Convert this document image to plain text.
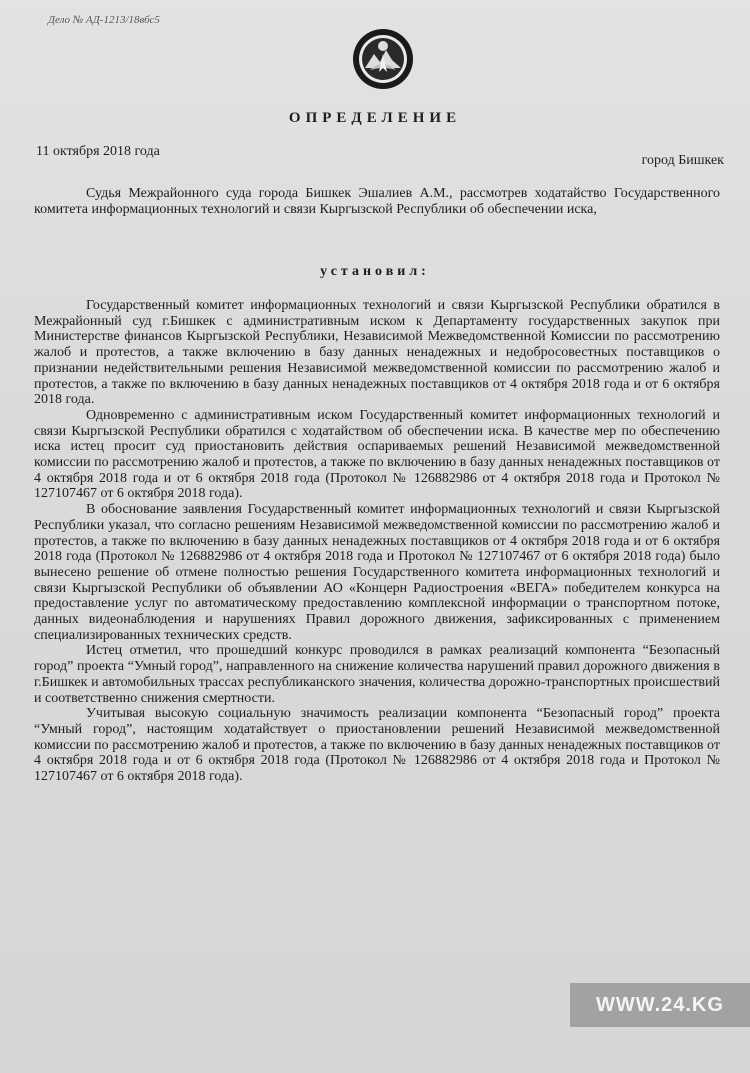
Дело № АД-1213/18вбс5
ОПРЕДЕЛЕНИЕ
11 октября 2018 года
город Бишкек

Судья Межрайонного суда города Бишкек Эшалиев А.М., рассмотрев ходатайство Государственного комитета информационных технологий и связи Кыргызской Республики об обеспечении иска,

установил:

Государственный комитет информационных технологий и связи Кыргызской Республики обратился в Межрайонный суд г.Бишкек с административным иском к Департаменту государственных закупок при Министерстве финансов Кыргызской Республики, Независимой Межведомственной Комиссии по рассмотрению жалоб и протестов, а также включению в базу данных ненадежных и недобросовестных поставщиков о признании недействительными решения Независимой межведомственной комиссии по рассмотрению жалоб и протестов, а также по включению в базу данных ненадежных поставщиков от 4 октября 2018 года и от 6 октября 2018 года.

Одновременно с административным иском Государственный комитет информационных технологий и связи Кыргызской Республики обратился с ходатайством об обеспечении иска. В качестве мер по обеспечению иска истец просит суд приостановить действия оспариваемых решений Независимой межведомственной комиссии по рассмотрению жалоб и протестов, а также по включению в базу данных ненадежных поставщиков от 4 октября 2018 года и от 6 октября 2018 года (Протокол № 126882986 от 4 октября 2018 года и Протокол № 127107467 от 6 октября 2018 года).

В обоснование заявления Государственный комитет информационных технологий и связи Кыргызской Республики указал, что согласно решениям Независимой межведомственной комиссии по рассмотрению жалоб и протестов, а также по включению в базу данных ненадежных поставщиков от 4 октября 2018 года и от 6 октября 2018 года (Протокол № 126882986 от 4 октября 2018 года и Протокол № 127107467 от 6 октября 2018 года) было вынесено решение об отмене полностью решения Государственного комитета информационных технологий и связи Кыргызской Республики об объявлении АО «Концерн Радиостроения «ВЕГА» победителем конкурса на предоставление услуг по автоматическому предоставлению комплексной информации о транспортном потоке, данных видеонаблюдения и нарушениях Правил дорожного движения, зафиксированных с применением специализированных технических средств.

Истец отметил, что прошедший конкурс проводился в рамках реализаций компонента “Безопасный город” проекта “Умный город”, направленного на снижение количества нарушений правил дорожного движения в г.Бишкек и автомобильных трассах республиканского значения, количества дорожно-транспортных происшествий и соответственно снижения смертности.

Учитывая высокую социальную значимость реализации компонента “Безопасный город” проекта “Умный город”, настоящим ходатайствует о приостановлении решений Независимой межведомственной комиссии по рассмотрению жалоб и протестов, а также по включению в базу данных ненадежных поставщиков от 4 октября 2018 года и от 6 октября 2018 года (Протокол № 126882986 от 4 октября 2018 года и Протокол № 127107467 от 6 октября 2018 года).

WWW.24.KG
